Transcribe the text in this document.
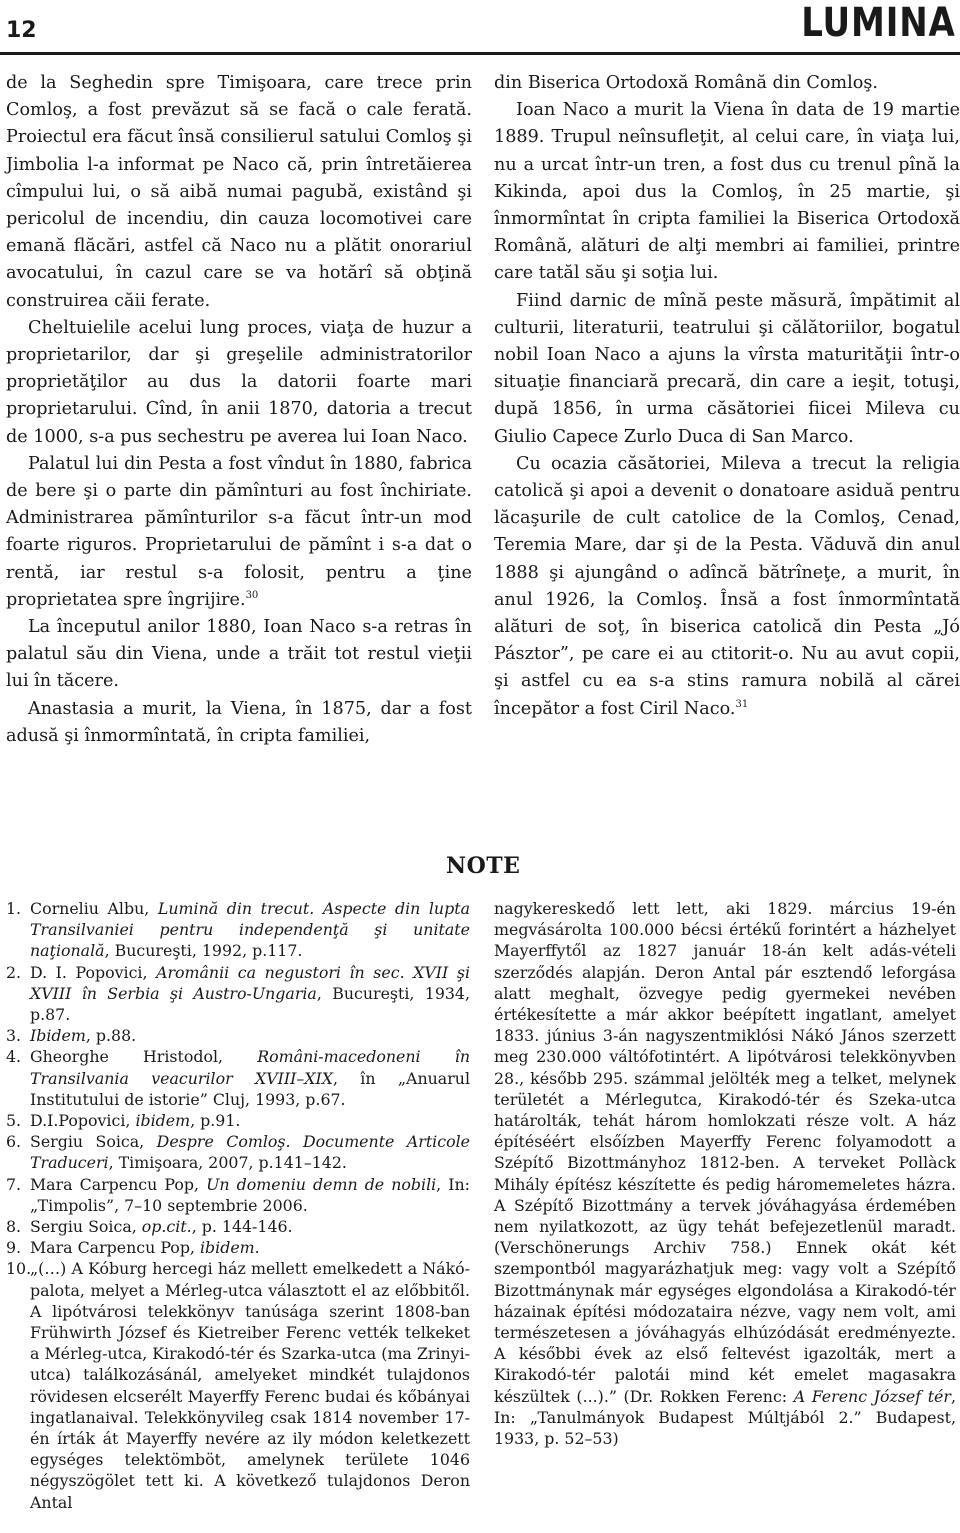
12	LUMINA

de la Seghedin spre Timişoara, care trece prin Comloş, a fost prevăzut să se facă o cale ferată. Proiectul era făcut însă consilierul satului Comloş şi Jimbolia l-a informat pe Naco că, prin întretăierea cîmpului lui, o să aibă numai pagubă, existând şi pericolul de incendiu, din cauza locomotivei care emană flăcări, astfel că Naco nu a plătit onorariul avocatului, în cazul care se va hotărî să obţină construirea căii ferate.

Cheltuielile acelui lung proces, viaţa de huzur a proprietarilor, dar şi greşelile administratorilor proprietăţilor au dus la datorii foarte mari proprietarului. Cînd, în anii 1870, datoria a trecut de 1000, s-a pus sechestru pe averea lui Ioan Naco.

Palatul lui din Pesta a fost vîndut în 1880, fabrica de bere şi o parte din pămînturi au fost închiriate. Administrarea pămînturilor s-a făcut într-un mod foarte riguros. Proprietarului de pămînt i s-a dat o rentă, iar restul s-a folosit, pentru a ţine proprietatea spre îngrijire.$^{30}$

La începutul anilor 1880, Ioan Naco s-a retras în palatul său din Viena, unde a trăit tot restul vieţii lui în tăcere.

Anastasia a murit, la Viena, în 1875, dar a fost adusă şi înmormîntată, în cripta familiei,

din Biserica Ortodoxă Română din Comloş.

Ioan Naco a murit la Viena în data de 19 martie 1889. Trupul neînsufleţit, al celui care, în viaţa lui, nu a urcat într-un tren, a fost dus cu trenul pînă la Kikinda, apoi dus la Comloş, în 25 martie, şi înmormîntat în cripta familiei la Biserica Ortodoxă Română, alături de alţi membri ai familiei, printre care tatăl său şi soţia lui.

Fiind darnic de mînă peste măsură, împătimit al culturii, literaturii, teatrului şi călătoriilor, bogatul nobil Ioan Naco a ajuns la vîrsta maturităţii într-o situaţie financiară precară, din care a ieşit, totuşi, după 1856, în urma căsătoriei fiicei Mileva cu Giulio Capece Zurlo Duca di San Marco.

Cu ocazia căsătoriei, Mileva a trecut la religia catolică şi apoi a devenit o donatoare asiduă pentru lăcaşurile de cult catolice de la Comloş, Cenad, Teremia Mare, dar şi de la Pesta. Văduvă din anul 1888 şi ajungând o adîncă bătrîneţe, a murit, în anul 1926, la Comloş. Însă a fost înmormîntată alături de soţ, în biserica catolică din Pesta „Jó Pásztor”, pe care ei au ctitorit-o. Nu au avut copii, şi astfel cu ea s-a stins ramura nobilă al cărei începător a fost Ciril Naco.$^{31}$

NOTE

1. Corneliu Albu, Lumină din trecut. Aspecte din lupta Transilvaniei pentru independenţă şi unitate naţională, Bucureşti, 1992, p.117.

2. D. I. Popovici, Aromânii ca negustori în sec. XVII şi XVIII în Serbia şi Austro-Ungaria, Bucureşti, 1934, p.87.

3. Ibidem, p.88.

4. Gheorghe Hristodol, Români-macedoneni în Transilvania veacurilor XVIII–XIX, în „Anuarul Institutului de istorie” Cluj, 1993, p.67.

5. D.I.Popovici, ibidem, p.91.

6. Sergiu Soica, Despre Comloş. Documente Articole Traduceri, Timişoara, 2007, p.141–142.

7. Mara Carpencu Pop, Un domeniu demn de nobili, In: „Timpolis”, 7–10 septembrie 2006.

8. Sergiu Soica, op.cit., p. 144-146.

9. Mara Carpencu Pop, ibidem.

10.„(…) A Kóburg hercegi ház mellett emelkedett a Nákó-palota, melyet a Mérleg-utca választott el az előbbitől. A lipótvárosi telekkönyv tanúsága szerint 1808-ban Frühwirth József és Kietreiber Ferenc vették telkeket a Mérleg-utca, Kirakodó-tér és Szarka-utca (ma Zrinyi-utca) találkozásánál, amelyeket mindkét tulajdonos rövidesen elcserélt Mayerffy Ferenc budai és kőbányai ingatlanaival. Telekkönyvileg csak 1814 november 17-én írták át Mayerffy nevére az ily módon keletkezett egységes telektömböt, amelynek területe 1046 négyszögölet tett ki. A következő tulajdonos Deron Antal

nagykereskedő lett lett, aki 1829. március 19-én megvásárolta 100.000 bécsi értékű forintért a házhelyet Mayerffytől az 1827 január 18-án kelt adás-vételi szerződés alapján. Deron Antal pár esztendő leforgása alatt meghalt, özvegye pedig gyermekei nevében értékesítette a már akkor beépített ingatlant, amelyet 1833. június 3-án nagyszentmiklósi Nákó János szerzett meg 230.000 váltófotintért. A lipótvárosi telekkönyvben 28., később 295. számmal jelölték meg a telket, melynek területét a Mérlegutca, Kirakodó-tér és Szeka-utca határolták, tehát három homlokzati része volt. A ház építéséért elsőízben Mayerffy Ferenc folyamodott a Szépítő Bizottmányhoz 1812-ben. A terveket Pollàck Mihály építész készítette és pedig háromemeletes házra. A Szépítő Bizottmány a tervek jóváhagyása érdemében nem nyilatkozott, az ügy tehát befejezetlenül maradt. (Verschönerungs Archiv 758.) Ennek okát két szempontból magyarázhatjuk meg: vagy volt a Szépítő Bizottmánynak már egységes elgondolása a Kirakodó-tér házainak építési módozataira nézve, vagy nem volt, ami természetesen a jóváhagyás elhúzódását eredményezte. A későbbi évek az első feltevést igazolták, mert a Kirakodó-tér palotái mind két emelet magasakra készültek (...).” (Dr. Rokken Ferenc: A Ferenc József tér, In: „Tanulmányok Budapest Múltjából 2.” Budapest, 1933, p. 52–53)
